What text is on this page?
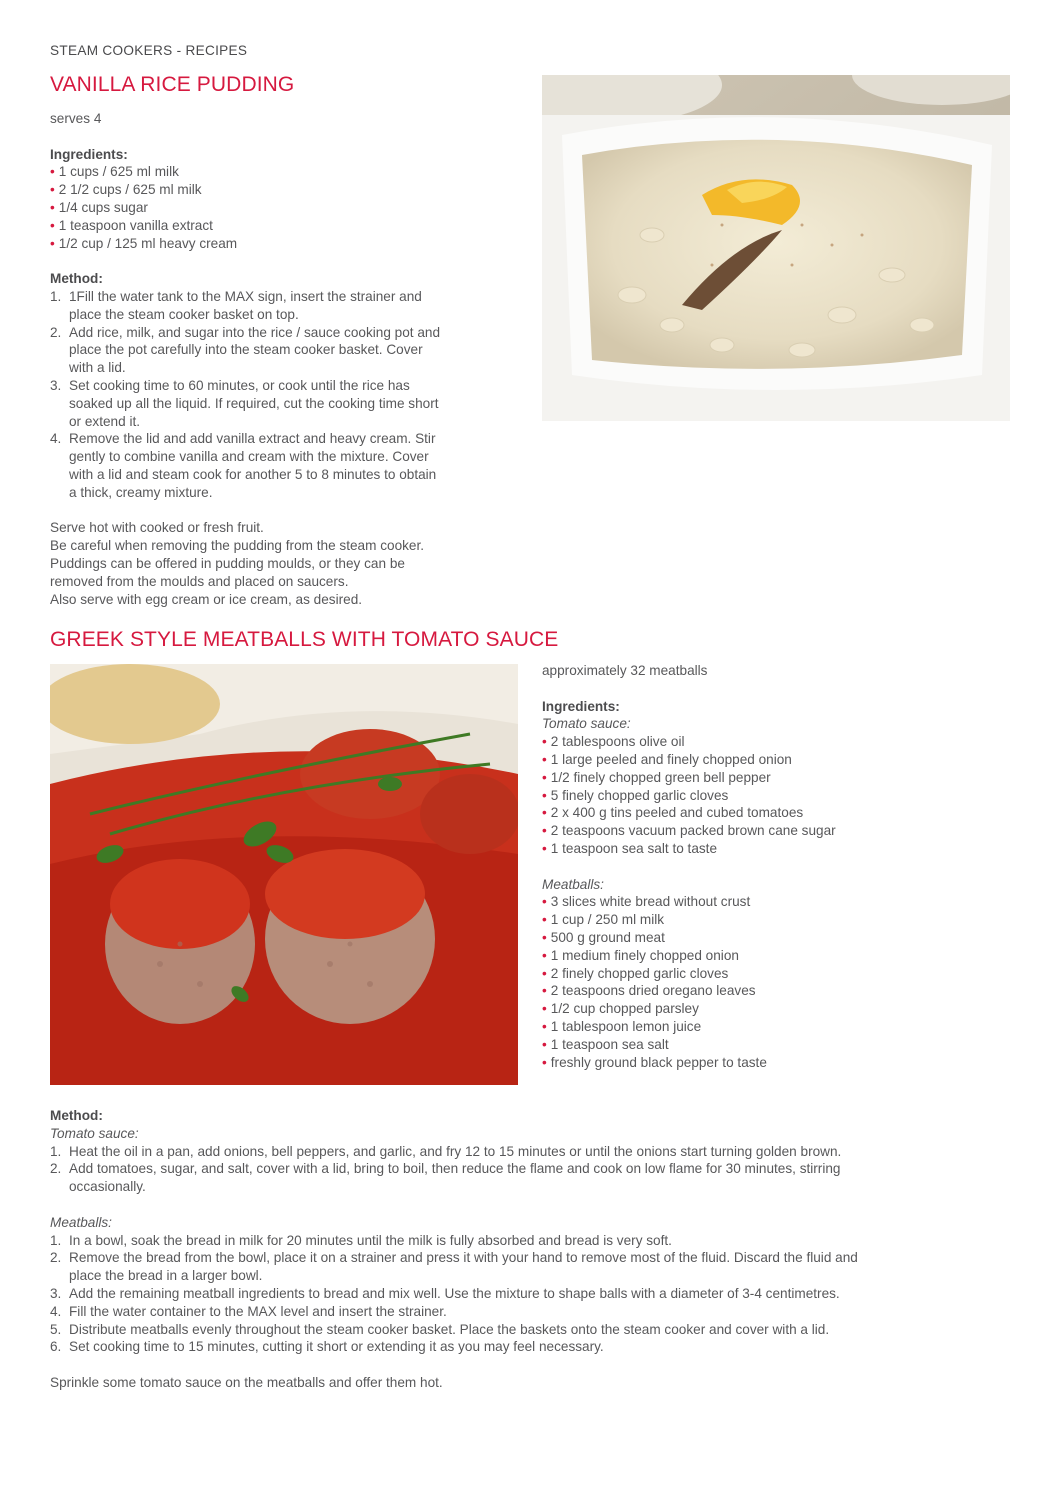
STEAM COOKERS - RECIPES
VANILLA RICE PUDDING
serves 4
Ingredients:
• 1 cups / 625 ml milk
• 2 1/2 cups / 625 ml milk
• 1/4 cups sugar
• 1 teaspoon vanilla extract
• 1/2 cup / 125 ml heavy cream
Method:
1. 1Fill the water tank to the MAX sign, insert the strainer and
place the steam cooker basket on top.
2. Add rice, milk, and sugar into the rice / sauce cooking pot and
place the pot carefully into the steam cooker basket. Cover
with a lid.
3. Set cooking time to 60 minutes, or cook until the rice has
soaked up all the liquid. If required, cut the cooking time short
or extend it.
4. Remove the lid and add vanilla extract and heavy cream. Stir
gently to combine vanilla and cream with the mixture. Cover
with a lid and steam cook for another 5 to 8 minutes to obtain
a thick, creamy mixture.
Serve hot with cooked or fresh fruit.
Be careful when removing the pudding from the steam cooker.
Puddings can be offered in pudding moulds, or they can be
removed from the moulds and placed on saucers.
Also serve with egg cream or ice cream, as desired.
GREEK STYLE MEATBALLS WITH TOMATO SAUCE
approximately 32 meatballs
Ingredients:
Tomato sauce:
• 2 tablespoons olive oil
• 1 large peeled and finely chopped onion
• 1/2 finely chopped green bell pepper
• 5 finely chopped garlic cloves
• 2 x 400 g tins peeled and cubed tomatoes
• 2 teaspoons vacuum packed brown cane sugar
• 1 teaspoon sea salt to taste
Meatballs:
• 3 slices white bread without crust
• 1 cup / 250 ml milk
• 500 g ground meat
• 1 medium finely chopped onion
• 2 finely chopped garlic cloves
• 2 teaspoons dried oregano leaves
• 1/2 cup chopped parsley
• 1 tablespoon lemon juice
• 1 teaspoon sea salt
• freshly ground black pepper to taste
Method:
Tomato sauce:
1. Heat the oil in a pan, add onions, bell peppers, and garlic, and fry 12 to 15 minutes or until the onions start turning golden brown.
2. Add tomatoes, sugar, and salt, cover with a lid, bring to boil, then reduce the flame and cook on low flame for 30 minutes, stirring
occasionally.
Meatballs:
1. In a bowl, soak the bread in milk for 20 minutes until the milk is fully absorbed and bread is very soft.
2. Remove the bread from the bowl, place it on a strainer and press it with your hand to remove most of the fluid. Discard the fluid and
place the bread in a larger bowl.
3. Add the remaining meatball ingredients to bread and mix well. Use the mixture to shape balls with a diameter of 3-4 centimetres.
4. Fill the water container to the MAX level and insert the strainer.
5. Distribute meatballs evenly throughout the steam cooker basket. Place the baskets onto the steam cooker and cover with a lid.
6. Set cooking time to 15 minutes, cutting it short or extending it as you may feel necessary.
Sprinkle some tomato sauce on the meatballs and offer them hot.
